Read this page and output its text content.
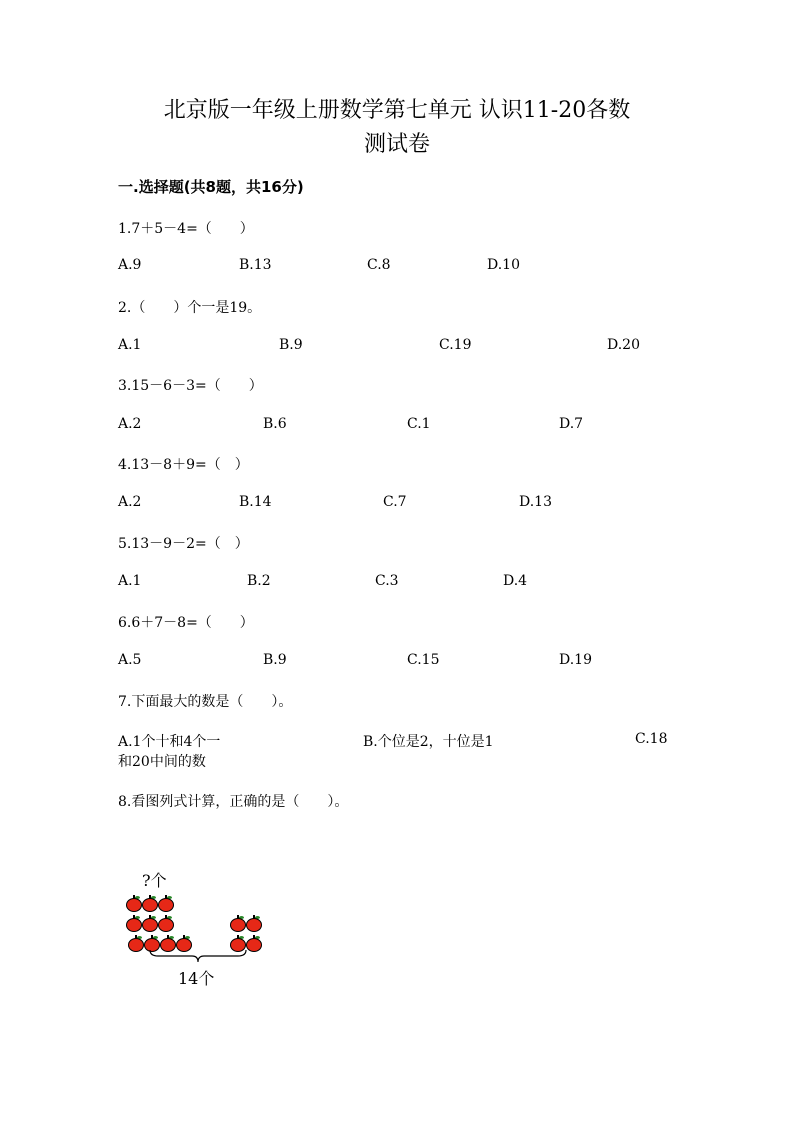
北京版一年级上册数学第七单元 认识11-20各数
测试卷
一.选择题(共8题，共16分)
1.7＋5－4=（　　）
A.9	B.13	C.8	D.10
2.（　　）个一是19。
A.1	B.9	C.19	D.20
3.15－6－3=（　　）
A.2	B.6	C.1	D.7
4.13－8＋9=（　）
A.2	B.14	C.7	D.13
5.13－9－2=（　）
A.1	B.2	C.3	D.4
6.6＋7－8=（　　）
A.5	B.9	C.15	D.19
7.下面最大的数是（　　）。
A.1个十和4个一	B.个位是2，十位是1	C.18
和20中间的数
8.看图列式计算，正确的是（　　）。
?个
14个
